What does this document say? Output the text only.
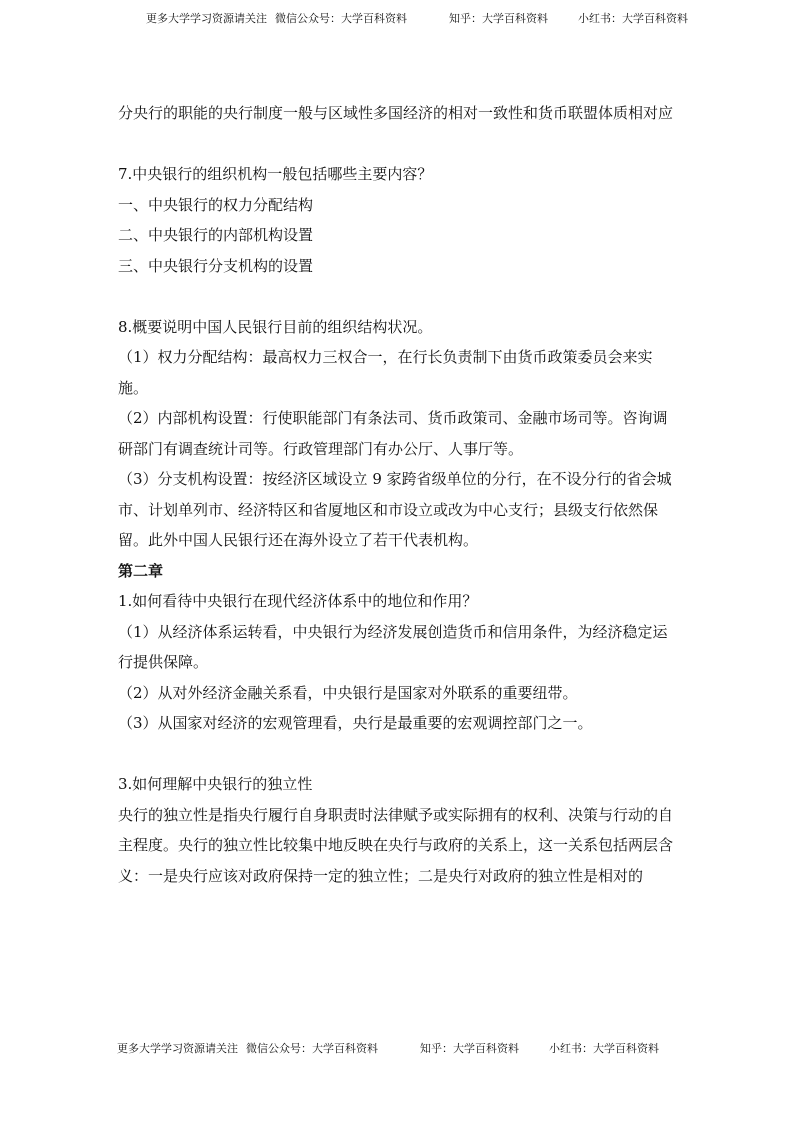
更多大学学习资源请关注 微信公众号：大学百科资料	知乎：大学百科资料	小红书：大学百科资料

分央行的职能的央行制度一般与区域性多国经济的相对一致性和货币联盟体质相对应

7.中央银行的组织机构一般包括哪些主要内容？

一、中央银行的权力分配结构

二、中央银行的内部机构设置

三、中央银行分支机构的设置

8.概要说明中国人民银行目前的组织结构状况。

（1）权力分配结构：最高权力三权合一，在行长负责制下由货币政策委员会来实施。

（2）内部机构设置：行使职能部门有条法司、货币政策司、金融市场司等。咨询调研部门有调查统计司等。行政管理部门有办公厅、人事厅等。

（3）分支机构设置：按经济区域设立 9 家跨省级单位的分行，在不设分行的省会城市、计划单列市、经济特区和省厦地区和市设立或改为中心支行；县级支行依然保留。此外中国人民银行还在海外设立了若干代表机构。

第二章

1.如何看待中央银行在现代经济体系中的地位和作用？

（1）从经济体系运转看，中央银行为经济发展创造货币和信用条件，为经济稳定运行提供保障。

（2）从对外经济金融关系看，中央银行是国家对外联系的重要纽带。

（3）从国家对经济的宏观管理看，央行是最重要的宏观调控部门之一。

3.如何理解中央银行的独立性

央行的独立性是指央行履行自身职责时法律赋予或实际拥有的权利、决策与行动的自主程度。央行的独立性比较集中地反映在央行与政府的关系上，这一关系包括两层含义：一是央行应该对政府保持一定的独立性；二是央行对政府的独立性是相对的

更多大学学习资源请关注 微信公众号：大学百科资料	知乎：大学百科资料	小红书：大学百科资料
